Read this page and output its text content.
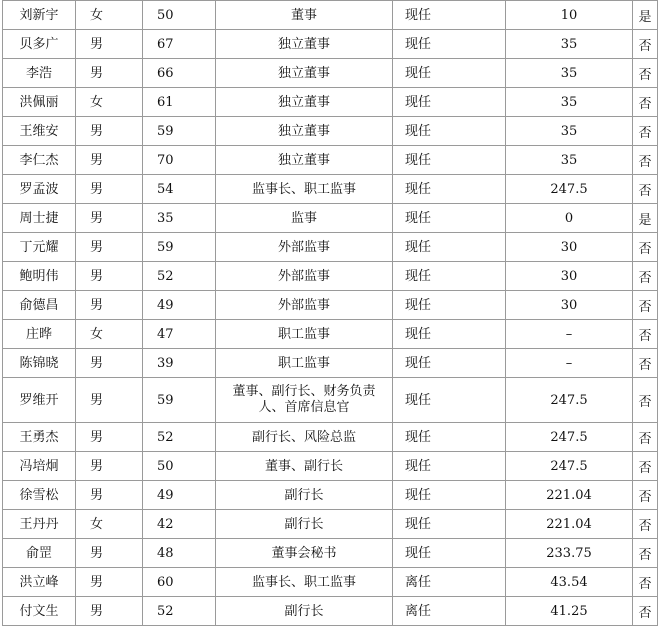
刘新宇	女	50	董事	现任	10	是
贝多广	男	67	独立董事	现任	35	否
李浩	男	66	独立董事	现任	35	否
洪佩丽	女	61	独立董事	现任	35	否
王维安	男	59	独立董事	现任	35	否
李仁杰	男	70	独立董事	现任	35	否
罗孟波	男	54	监事长、职工监事	现任	247.5	否
周士捷	男	35	监事	现任	0	是
丁元耀	男	59	外部监事	现任	30	否
鲍明伟	男	52	外部监事	现任	30	否
俞德昌	男	49	外部监事	现任	30	否
庄晔	女	47	职工监事	现任	–	否
陈锦晓	男	39	职工监事	现任	–	否
罗维开	男	59	董事、副行长、财务负责人、首席信息官	现任	247.5	否
王勇杰	男	52	副行长、风险总监	现任	247.5	否
冯培炯	男	50	董事、副行长	现任	247.5	否
徐雪松	男	49	副行长	现任	221.04	否
王丹丹	女	42	副行长	现任	221.04	否
俞罡	男	48	董事会秘书	现任	233.75	否
洪立峰	男	60	监事长、职工监事	离任	43.54	否
付文生	男	52	副行长	离任	41.25	否
